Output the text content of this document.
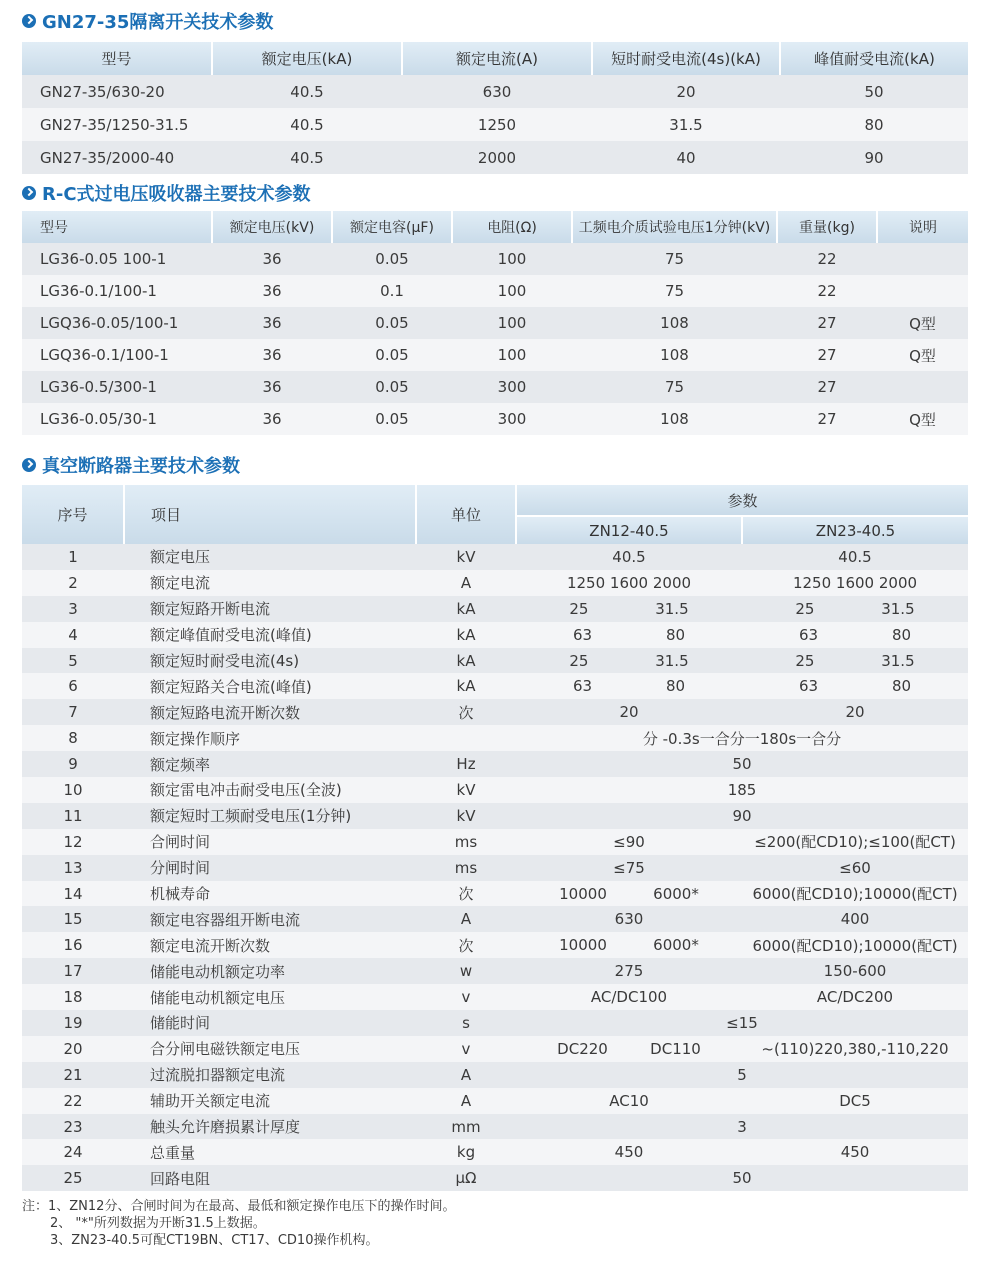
GN27-35隔离开关技术参数
型号	额定电压(kA)	额定电流(A)	短时耐受电流(4s)(kA)	峰值耐受电流(kA)
GN27-35/630-20	40.5	630	20	50
GN27-35/1250-31.5	40.5	1250	31.5	80
GN27-35/2000-40	40.5	2000	40	90
R-C式过电压吸收器主要技术参数
型号	额定电压(kV)	额定电容(μF)	电阻(Ω)	工频电介质试验电压1分钟(kV)	重量(kg)	说明
LG36-0.05 100-1	36	0.05	100	75	22	
LG36-0.1/100-1	36	0.1	100	75	22	
LGQ36-0.05/100-1	36	0.05	100	108	27	Q型
LGQ36-0.1/100-1	36	0.05	100	108	27	Q型
LG36-0.5/300-1	36	0.05	300	75	27	
LG36-0.05/30-1	36	0.05	300	108	27	Q型
真空断路器主要技术参数
序号	项目	单位	参数	
			ZN12-40.5	ZN23-40.5
1	额定电压	kV	40.5	40.5
2	额定电流	A	1250 1600 2000	1250 1600 2000
3	额定短路开断电流	kA	25 31.5	25 31.5

4	额定峰值耐受电流(峰值)	kA	63 80	63 80

5	额定短时耐受电流(4s)	kA	25 31.5	25 31.5

6	额定短路关合电流(峰值)	kA	63 80	63 80

7	额定短路电流开断次数	次	20	20
8	额定操作顺序		分 -0.3s一合分一180s一合分	
9	额定频率	Hz	50	
10	额定雷电冲击耐受电压(全波)	kV	185	
11	额定短时工频耐受电压(1分钟)	kV	90	
12	合闸时间	ms	≤90	≤200(配CD10);≤100(配CT)
13	分闸时间	ms	≤75	≤60
14	机械寿命	次	10000 6000*	6000(配CD10);10000(配CT)
15	额定电容器组开断电流	A	630	400
16	额定电流开断次数	次	10000 6000*	6000(配CD10);10000(配CT)
17	储能电动机额定功率	w	275	150-600
18	储能电动机额定电压	v	AC/DC100	AC/DC200
19	储能时间	s	≤15	
20	合分闸电磁铁额定电压	v	DC220 DC110	~(110)220,380,-110,220
21	过流脱扣器额定电流	A	5	
22	辅助开关额定电流	A	AC10	DC5
23	触头允许磨损累计厚度	mm	3	
24	总重量	kg	450	450
25	回路电阻	μΩ	50	
注：1、ZN12分、合闸时间为在最高、最低和额定操作电压下的操作时间。
2、 "*"所列数据为开断31.5上数据。
3、ZN23-40.5可配CT19BN、CT17、CD10操作机构。
